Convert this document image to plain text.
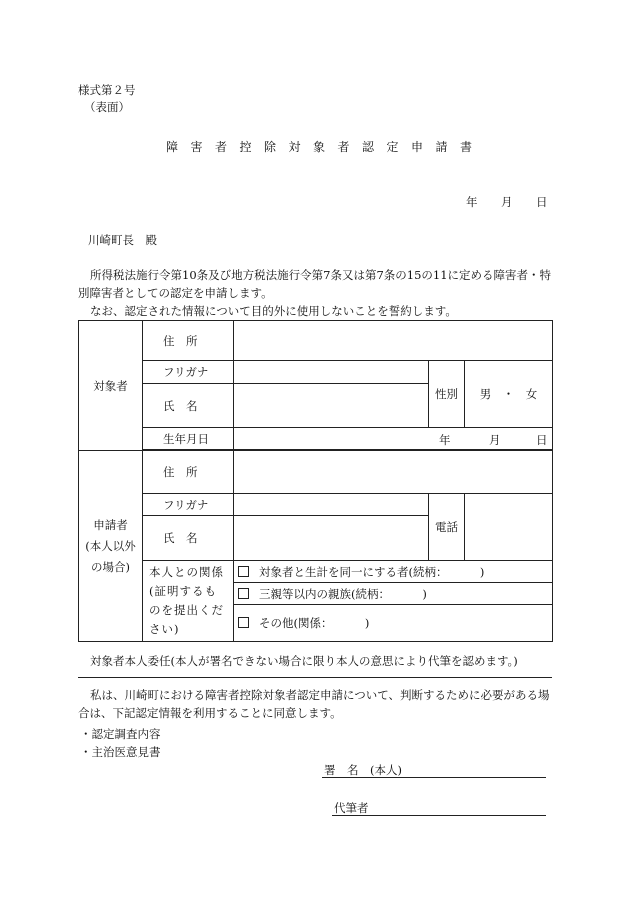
様式第２号
（表面）
障害者控除対象者認定申請書
年 月 日
川崎町長　殿
所得税法施行令第10条及び地方税法施行令第7条又は第7条の15の11に定める障害者・特別障害者としての認定を申請します。
なお、認定された情報について目的外に使用しないことを誓約します。
対象者	住　所			
	フリガナ		性別	男　・　女
	氏　名			
	生年月日	年 月 日		

申請者
(本人以外
の場合)	住　所			
	フリガナ		電話	
	氏　名			
	本人との関係(証明するものを提出ください)	対象者と生計を同一にする者(続柄：　　　 )		
		三親等以内の親族(続柄：　　　 )		
		その他(関係：　　　 )		
対象者本人委任(本人が署名できない場合に限り本人の意思により代筆を認めます。)
私は、川崎町における障害者控除対象者認定申請について、判断するために必要がある場合は、下記認定情報を利用することに同意します。
・認定調査内容
・主治医意見書
署　名　(本人)
代筆者
